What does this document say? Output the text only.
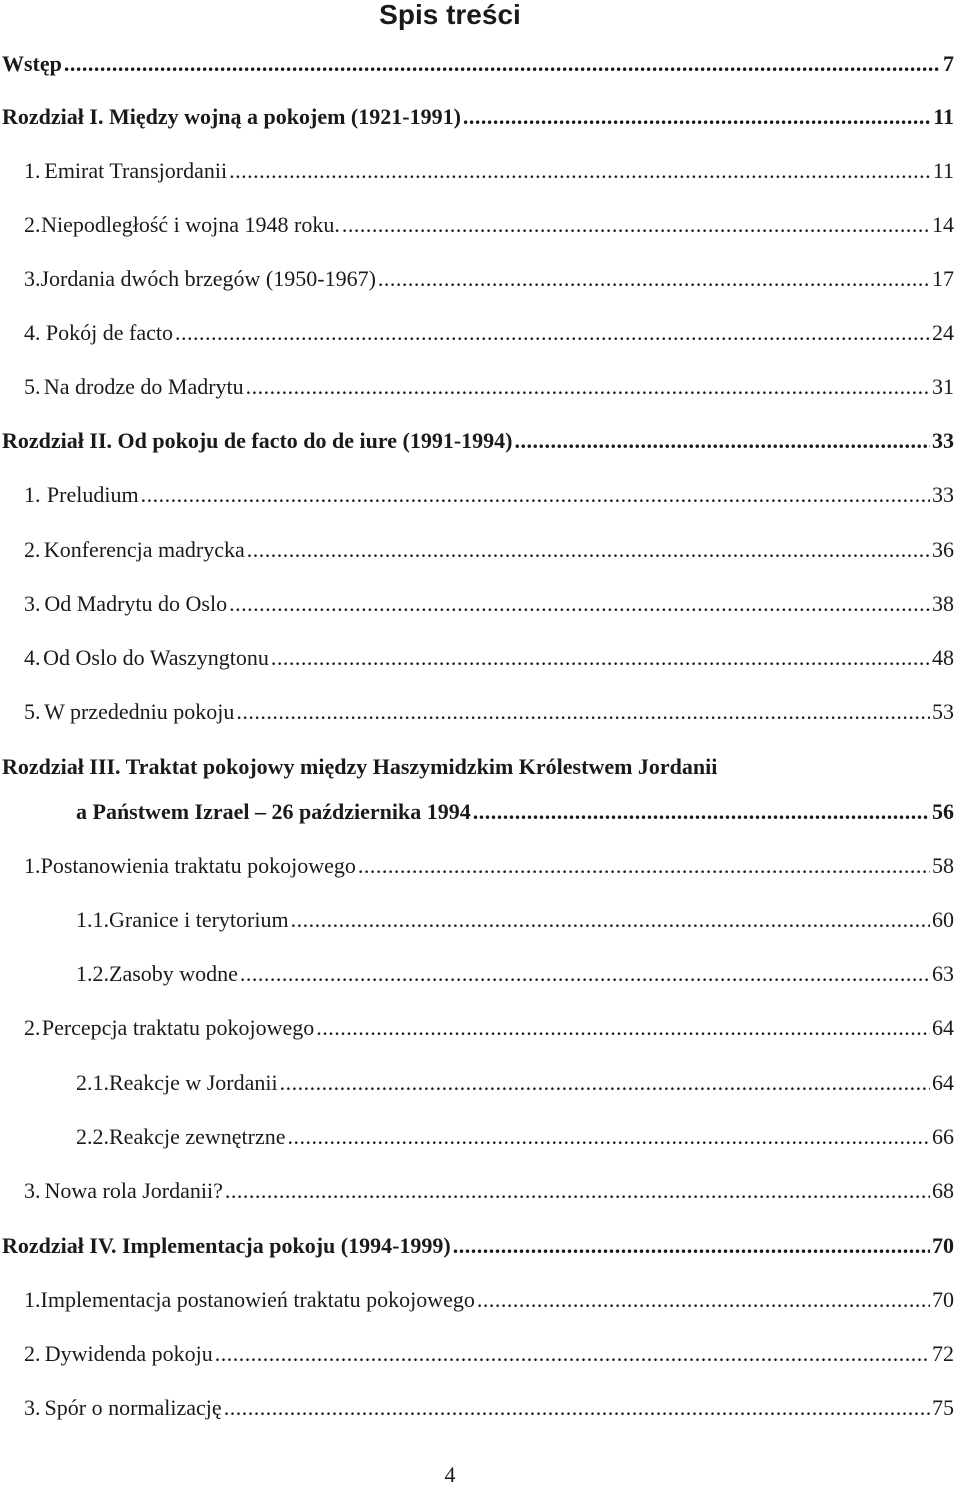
Spis treści
Wstęp .....	7
Rozdział I. Między wojną a pokojem (1921-1991) .....	11
1. Emirat Transjordanii .....	11
2. Niepodległość i wojna 1948 roku. .....	14
3. Jordania dwóch brzegów (1950-1967) .....	17
4. Pokój de facto .....	24
5. Na drodze do Madrytu .....	31
Rozdział II. Od pokoju de facto do de iure (1991-1994) .....	33
1. Preludium .....	33
2. Konferencja madrycka .....	36
3. Od Madrytu do Oslo .....	38
4. Od Oslo do Waszyngtonu .....	48
5. W przededniu pokoju .....	53
Rozdział III. Traktat pokojowy między Haszymidzkim Królestwem Jordanii
a Państwem Izrael – 26 października 1994 .....	56
1. Postanowienia traktatu pokojowego .....	58
1.1. Granice i terytorium .....	60
1.2. Zasoby wodne .....	63
2. Percepcja traktatu pokojowego .....	64
2.1. Reakcje w Jordanii .....	64
2.2. Reakcje zewnętrzne .....	66
3. Nowa rola Jordanii? .....	68
Rozdział IV. Implementacja pokoju (1994-1999) .....	70
1. Implementacja postanowień traktatu pokojowego .....	70
2. Dywidenda pokoju .....	72
3. Spór o normalizację .....	75
4
